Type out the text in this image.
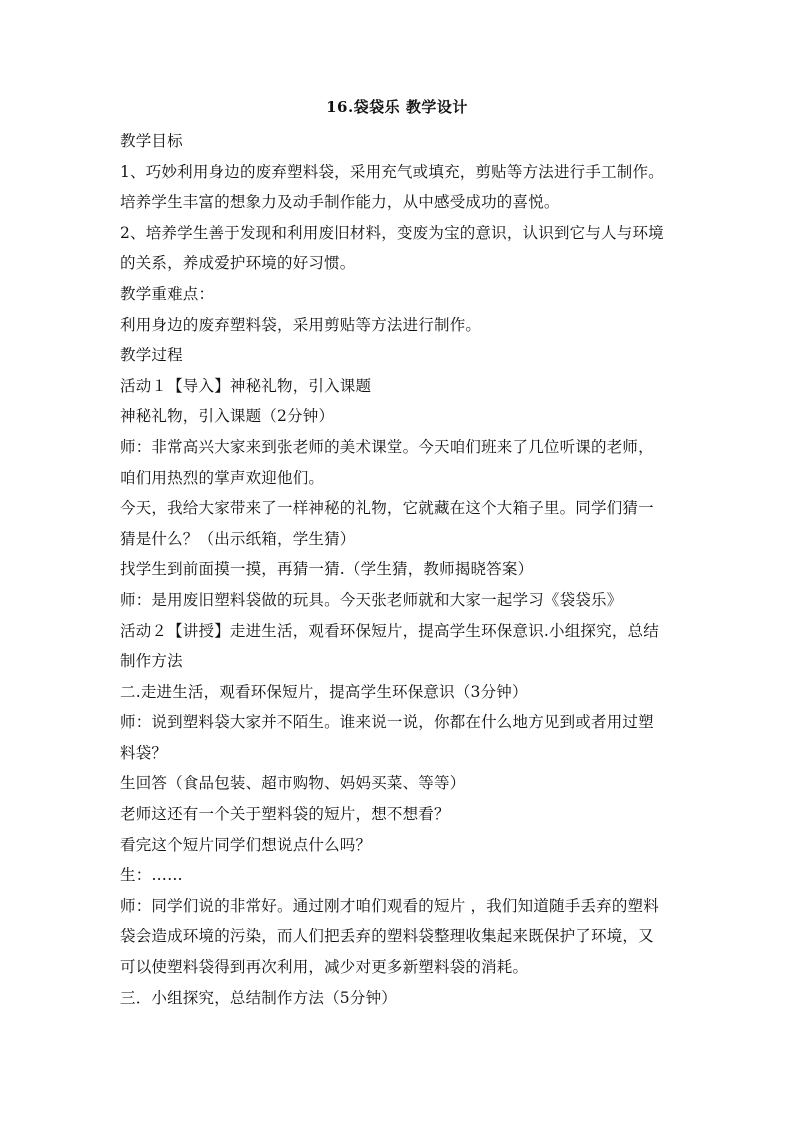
16.袋袋乐 教学设计
教学目标
1、巧妙利用身边的废弃塑料袋，采用充气或填充，剪贴等方法进行手工制作。
培养学生丰富的想象力及动手制作能力，从中感受成功的喜悦。
2、培养学生善于发现和利用废旧材料，变废为宝的意识，认识到它与人与环境
的关系，养成爱护环境的好习惯。
教学重难点：
利用身边的废弃塑料袋，采用剪贴等方法进行制作。
教学过程
活动１【导入】神秘礼物，引入课题
神秘礼物，引入课题（2分钟）
师：非常高兴大家来到张老师的美术课堂。今天咱们班来了几位听课的老师，
咱们用热烈的掌声欢迎他们。
今天，我给大家带来了一样神秘的礼物，它就藏在这个大箱子里。同学们猜一
猜是什么？（出示纸箱，学生猜）
找学生到前面摸一摸，再猜一猜.（学生猜，教师揭晓答案）
师：是用废旧塑料袋做的玩具。今天张老师就和大家一起学习《袋袋乐》
活动２【讲授】走进生活，观看环保短片，提高学生环保意识.小组探究，总结
制作方法
二.走进生活，观看环保短片，提高学生环保意识（3分钟）
师：说到塑料袋大家并不陌生。谁来说一说，你都在什么地方见到或者用过塑
料袋？
生回答（食品包装、超市购物、妈妈买菜、等等）
老师这还有一个关于塑料袋的短片，想不想看？
看完这个短片同学们想说点什么吗？
生：……
师：同学们说的非常好。通过刚才咱们观看的短片 ，我们知道随手丢弃的塑料
袋会造成环境的污染，而人们把丢弃的塑料袋整理收集起来既保护了环境，又
可以使塑料袋得到再次利用，减少对更多新塑料袋的消耗。
三．小组探究，总结制作方法（5分钟）
